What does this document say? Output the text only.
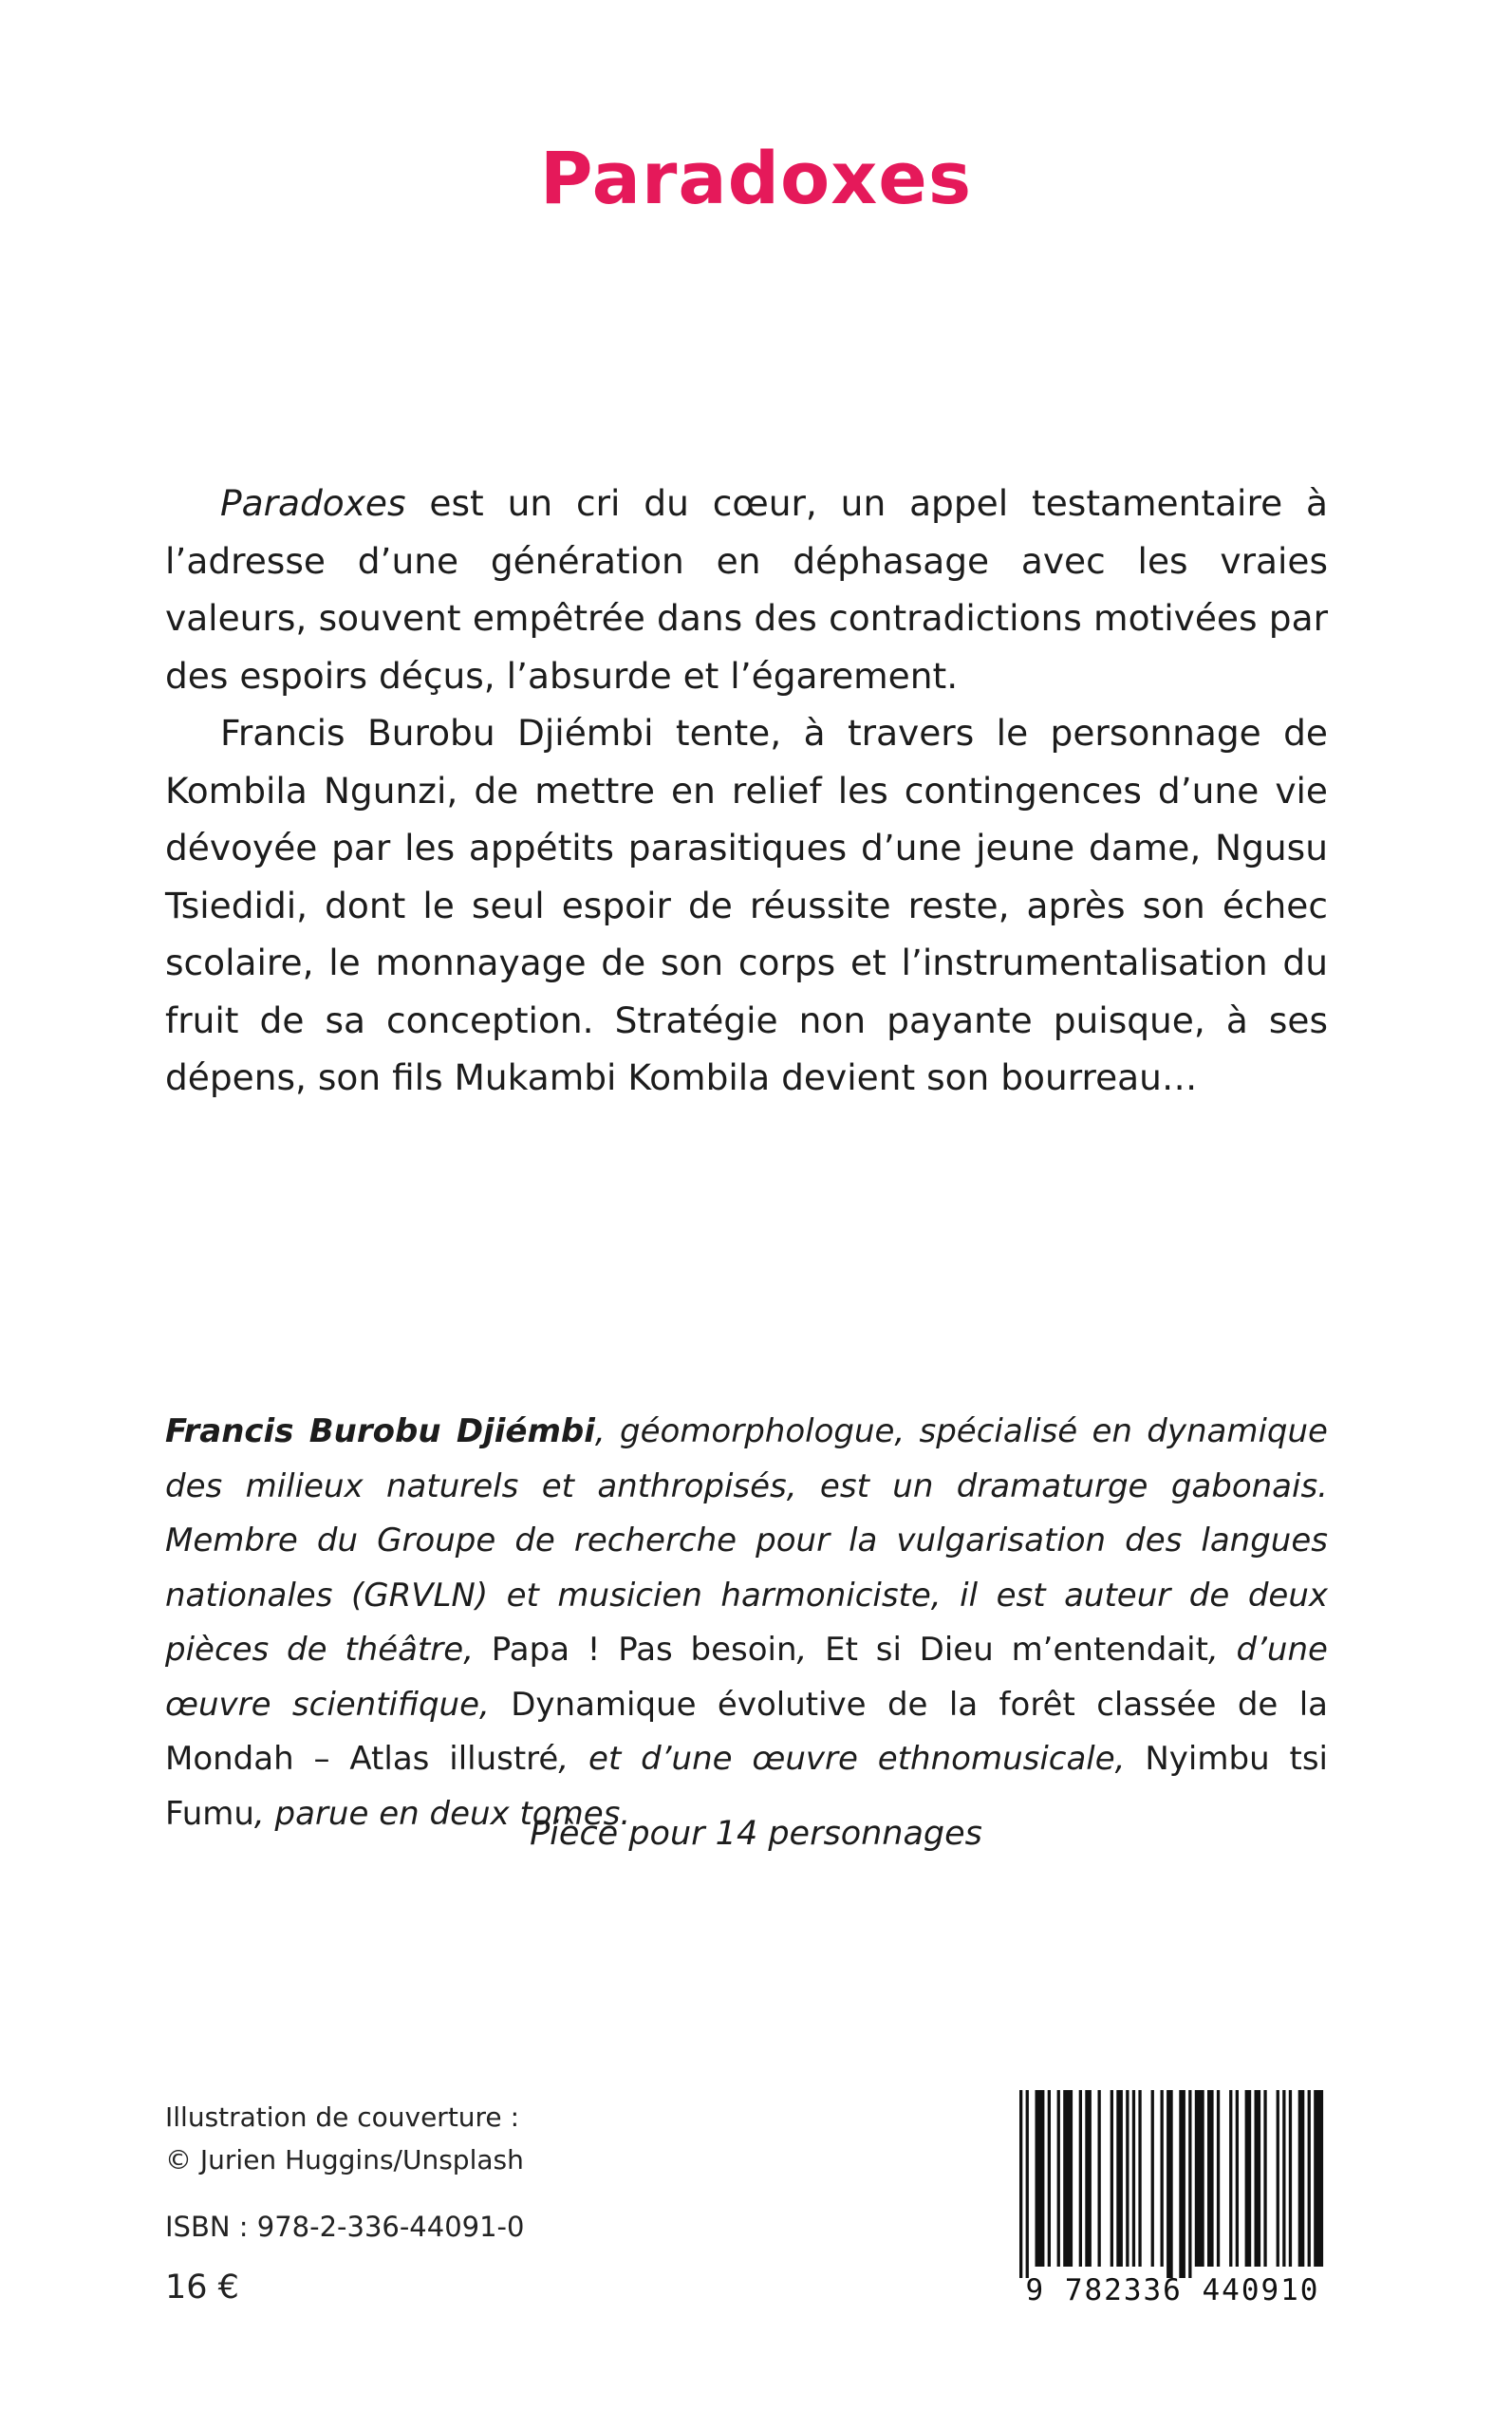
Paradoxes

Paradoxes est un cri du cœur, un appel testamentaire à l’adresse d’une génération en déphasage avec les vraies valeurs, souvent empêtrée dans des contradictions motivées par des espoirs déçus, l’absurde et l’égarement.

Francis Burobu Djiémbi tente, à travers le personnage de Kombila Ngunzi, de mettre en relief les contingences d’une vie dévoyée par les appétits parasitiques d’une jeune dame, Ngusu Tsiedidi, dont le seul espoir de réussite reste, après son échec scolaire, le monnayage de son corps et l’instrumentalisation du fruit de sa conception. Stratégie non payante puisque, à ses dépens, son fils Mukambi Kombila devient son bourreau…

Francis Burobu Djiémbi, géomorphologue, spécialisé en dynamique des milieux naturels et anthropisés, est un dramaturge gabonais. Membre du Groupe de recherche pour la vulgarisation des langues nationales (GRVLN) et musicien harmoniciste, il est auteur de deux pièces de théâtre, Papa ! Pas besoin, Et si Dieu m’entendait, d’une œuvre scientifique, Dynamique évolutive de la forêt classée de la Mondah – Atlas illustré, et d’une œuvre ethnomusicale, Nyimbu tsi Fumu, parue en deux tomes.
Pièce pour 14 personnages
Illustration de couverture :
© Jurien Huggins/Unsplash
ISBN : 978-2-336-44091-0
16 €	9 782336 440910
